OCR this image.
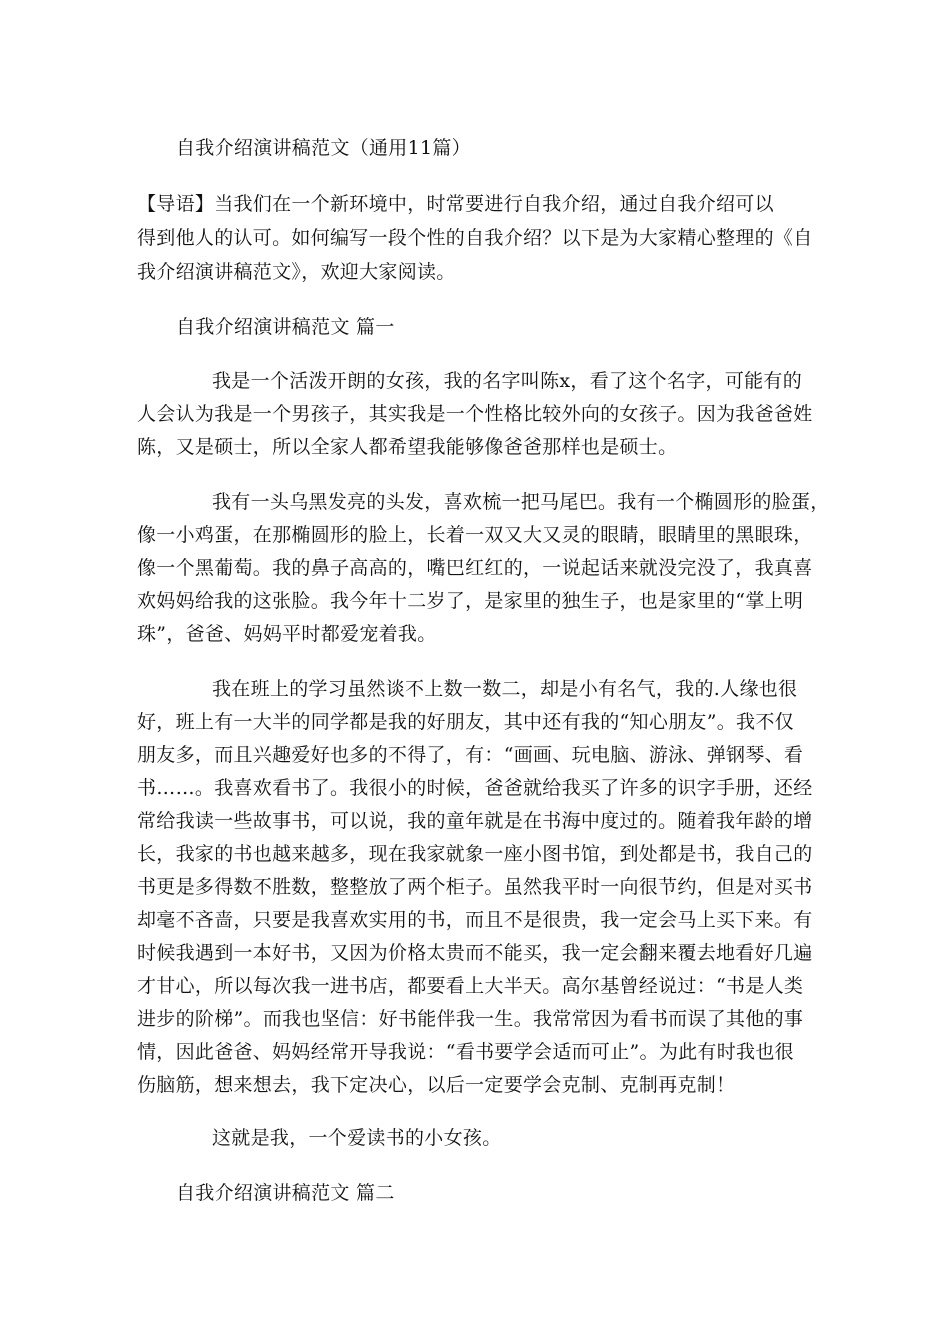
自我介绍演讲稿范文（通用11篇）
【导语】当我们在一个新环境中，时常要进行自我介绍，通过自我介绍可以
得到他人的认可。如何编写一段个性的自我介绍？以下是为大家精心整理的《自
我介绍演讲稿范文》，欢迎大家阅读。
自我介绍演讲稿范文 篇一
我是一个活泼开朗的女孩，我的名字叫陈x，看了这个名字，可能有的
人会认为我是一个男孩子，其实我是一个性格比较外向的女孩子。因为我爸爸姓
陈，又是硕士，所以全家人都希望我能够像爸爸那样也是硕士。
我有一头乌黑发亮的头发，喜欢梳一把马尾巴。我有一个椭圆形的脸蛋，
像一小鸡蛋，在那椭圆形的脸上，长着一双又大又灵的眼睛，眼睛里的黑眼珠，
像一个黑葡萄。我的鼻子高高的，嘴巴红红的，一说起话来就没完没了，我真喜
欢妈妈给我的这张脸。我今年十二岁了，是家里的独生子，也是家里的“掌上明
珠”，爸爸、妈妈平时都爱宠着我。
我在班上的学习虽然谈不上数一数二，却是小有名气，我的.人缘也很
好，班上有一大半的同学都是我的好朋友，其中还有我的“知心朋友”。我不仅
朋友多，而且兴趣爱好也多的不得了，有：“画画、玩电脑、游泳、弹钢琴、看
书……。我喜欢看书了。我很小的时候，爸爸就给我买了许多的识字手册，还经
常给我读一些故事书，可以说，我的童年就是在书海中度过的。随着我年龄的增
长，我家的书也越来越多，现在我家就象一座小图书馆，到处都是书，我自己的
书更是多得数不胜数，整整放了两个柜子。虽然我平时一向很节约，但是对买书
却毫不吝啬，只要是我喜欢实用的书，而且不是很贵，我一定会马上买下来。有
时候我遇到一本好书，又因为价格太贵而不能买，我一定会翻来覆去地看好几遍
才甘心，所以每次我一进书店，都要看上大半天。高尔基曾经说过：“书是人类
进步的阶梯”。而我也坚信：好书能伴我一生。我常常因为看书而误了其他的事
情，因此爸爸、妈妈经常开导我说：“看书要学会适而可止”。为此有时我也很
伤脑筋，想来想去，我下定决心，以后一定要学会克制、克制再克制！
这就是我，一个爱读书的小女孩。
自我介绍演讲稿范文 篇二
